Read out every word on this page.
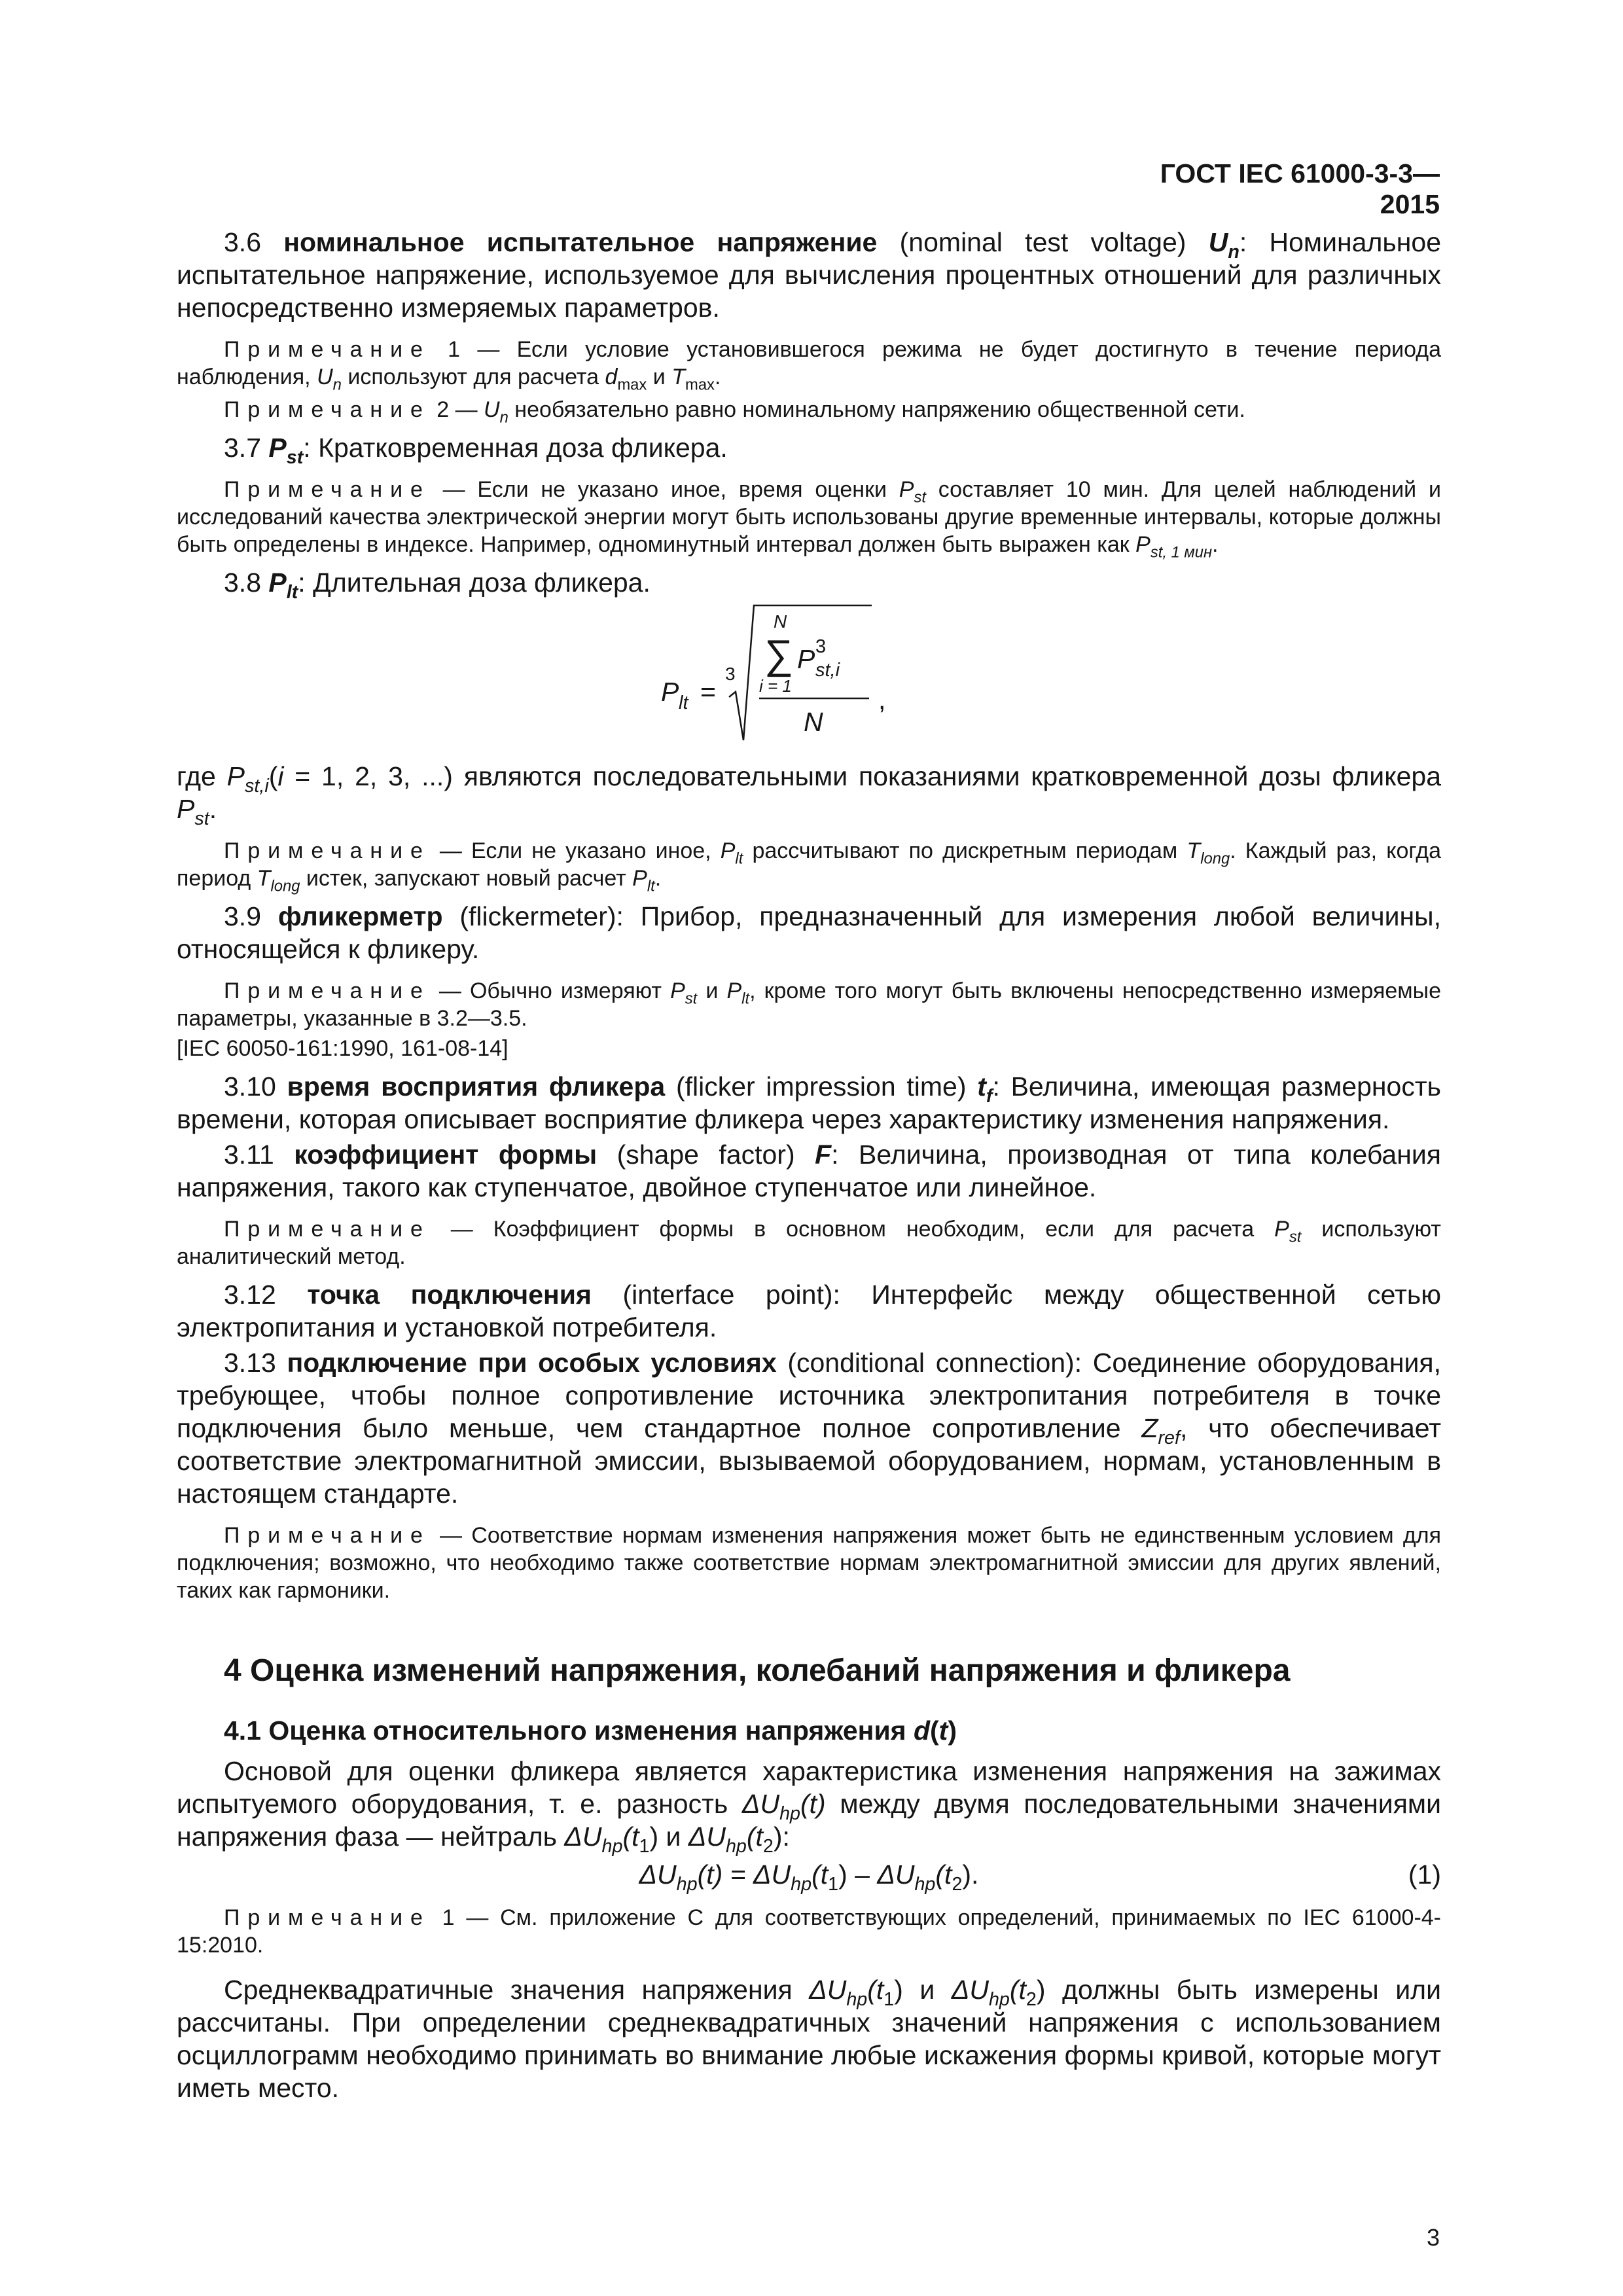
ГОСТ IEC 61000-3-3—2015

3.6 номинальное испытательное напряжение (nominal test voltage) $U_n$: Номинальное испытательное напряжение, используемое для вычисления процентных отношений для различных непосредственно измеряемых параметров.

Примечание 1 — Если условие установившегося режима не будет достигнуто в течение периода наблюдения, $U_n$ используют для расчета $d_{max}$ и $T_{max}$.

Примечание 2 — $U_n$ необязательно равно номинальному напряжению общественной сети.

3.7 $P_{st}$: Кратковременная доза фликера.

Примечание — Если не указано иное, время оценки $P_{st}$ составляет 10 мин. Для целей наблюдений и исследований качества электрической энергии могут быть использованы другие временные интервалы, которые должны быть определены в индексе. Например, одноминутный интервал должен быть выражен как $P_{st, 1 мин}$.

3.8 $P_{lt}$: Длительная доза фликера.

P lt =
3
N
∑ P 3
st,i
i = 1
N
,

где $P_{st,i}(i = 1$, 2, 3, ...) являются последовательными показаниями кратковременной дозы фликера $P_{st}$.

Примечание — Если не указано иное, $P_{lt}$ рассчитывают по дискретным периодам $T_{long}$. Каждый раз, когда период $T_{long}$ истек, запускают новый расчет $P_{lt}$.

3.9 фликерметр (flickermeter): Прибор, предназначенный для измерения любой величины, относящейся к фликеру.

Примечание — Обычно измеряют $P_{st}$ и $P_{lt}$, кроме того могут быть включены непосредственно измеряемые параметры, указанные в 3.2—3.5.

[IEC 60050-161:1990, 161-08-14]

3.10 время восприятия фликера (flicker impression time) $t_f$: Величина, имеющая размерность времени, которая описывает восприятие фликера через характеристику изменения напряжения.

3.11 коэффициент формы (shape factor) F: Величина, производная от типа колебания напряжения, такого как ступенчатое, двойное ступенчатое или линейное.

Примечание — Коэффициент формы в основном необходим, если для расчета $P_{st}$ используют аналитический метод.

3.12 точка подключения (interface point): Интерфейс между общественной сетью электропитания и установкой потребителя.

3.13 подключение при особых условиях (conditional connection): Соединение оборудования, требующее, чтобы полное сопротивление источника электропитания потребителя в точке подключения было меньше, чем стандартное полное сопротивление $Z_{ref}$, что обеспечивает соответствие электромагнитной эмиссии, вызываемой оборудованием, нормам, установленным в настоящем стандарте.

Примечание — Соответствие нормам изменения напряжения может быть не единственным условием для подключения; возможно, что необходимо также соответствие нормам электромагнитной эмиссии для других явлений, таких как гармоники.

4 Оценка изменений напряжения, колебаний напряжения и фликера

4.1 Оценка относительного изменения напряжения d(t)

Основой для оценки фликера является характеристика изменения напряжения на зажимах испытуемого оборудования, т. е. разность $\Delta U_{hp}(t)$ между двумя последовательными значениями напряжения фаза — нейтраль $\Delta U_{hp}(t_1)$ и $\Delta U_{hp}(t_2)$:

$\Delta U_{hp}(t) = \Delta U_{hp}(t_1) - \Delta U_{hp}(t_2)$.	(1)

Примечание 1 — См. приложение С для соответствующих определений, принимаемых по IEC 61000-4-15:2010.

Среднеквадратичные значения напряжения $\Delta U_{hp}(t_1)$ и $\Delta U_{hp}(t_2)$ должны быть измерены или рассчитаны. При определении среднеквадратичных значений напряжения с использованием осциллограмм необходимо принимать во внимание любые искажения формы кривой, которые могут иметь место.

3
